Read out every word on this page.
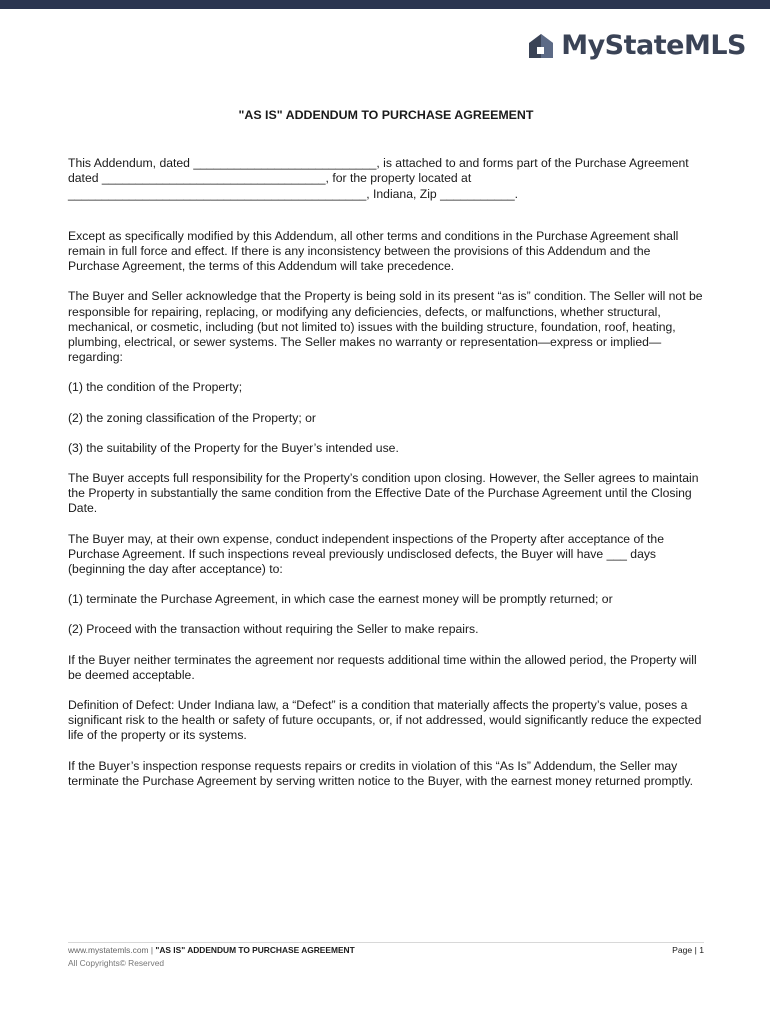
MyStateMLS
"AS IS" ADDENDUM TO PURCHASE AGREEMENT

This Addendum, dated ___________________________, is attached to and forms part of the Purchase Agreement dated _________________________________, for the property located at ____________________________________________, Indiana, Zip ___________.

Except as specifically modified by this Addendum, all other terms and conditions in the Purchase Agreement shall remain in full force and effect. If there is any inconsistency between the provisions of this Addendum and the Purchase Agreement, the terms of this Addendum will take precedence.

The Buyer and Seller acknowledge that the Property is being sold in its present “as is” condition. The Seller will not be responsible for repairing, replacing, or modifying any deficiencies, defects, or malfunctions, whether structural, mechanical, or cosmetic, including (but not limited to) issues with the building structure, foundation, roof, heating, plumbing, electrical, or sewer systems. The Seller makes no warranty or representation—express or implied—regarding:

(1) the condition of the Property;

(2) the zoning classification of the Property; or

(3) the suitability of the Property for the Buyer’s intended use.

The Buyer accepts full responsibility for the Property’s condition upon closing. However, the Seller agrees to maintain the Property in substantially the same condition from the Effective Date of the Purchase Agreement until the Closing Date.

The Buyer may, at their own expense, conduct independent inspections of the Property after acceptance of the Purchase Agreement. If such inspections reveal previously undisclosed defects, the Buyer will have ___ days (beginning the day after acceptance) to:

(1) terminate the Purchase Agreement, in which case the earnest money will be promptly returned; or

(2) Proceed with the transaction without requiring the Seller to make repairs.

If the Buyer neither terminates the agreement nor requests additional time within the allowed period, the Property will be deemed acceptable.

Definition of Defect: Under Indiana law, a “Defect” is a condition that materially affects the property’s value, poses a significant risk to the health or safety of future occupants, or, if not addressed, would significantly reduce the expected life of the property or its systems.

If the Buyer’s inspection response requests repairs or credits in violation of this “As Is” Addendum, the Seller may terminate the Purchase Agreement by serving written notice to the Buyer, with the earnest money returned promptly.

www.mystatemls.com | "AS IS" ADDENDUM TO PURCHASE AGREEMENT	Page | 1
All Copyrights© Reserved
